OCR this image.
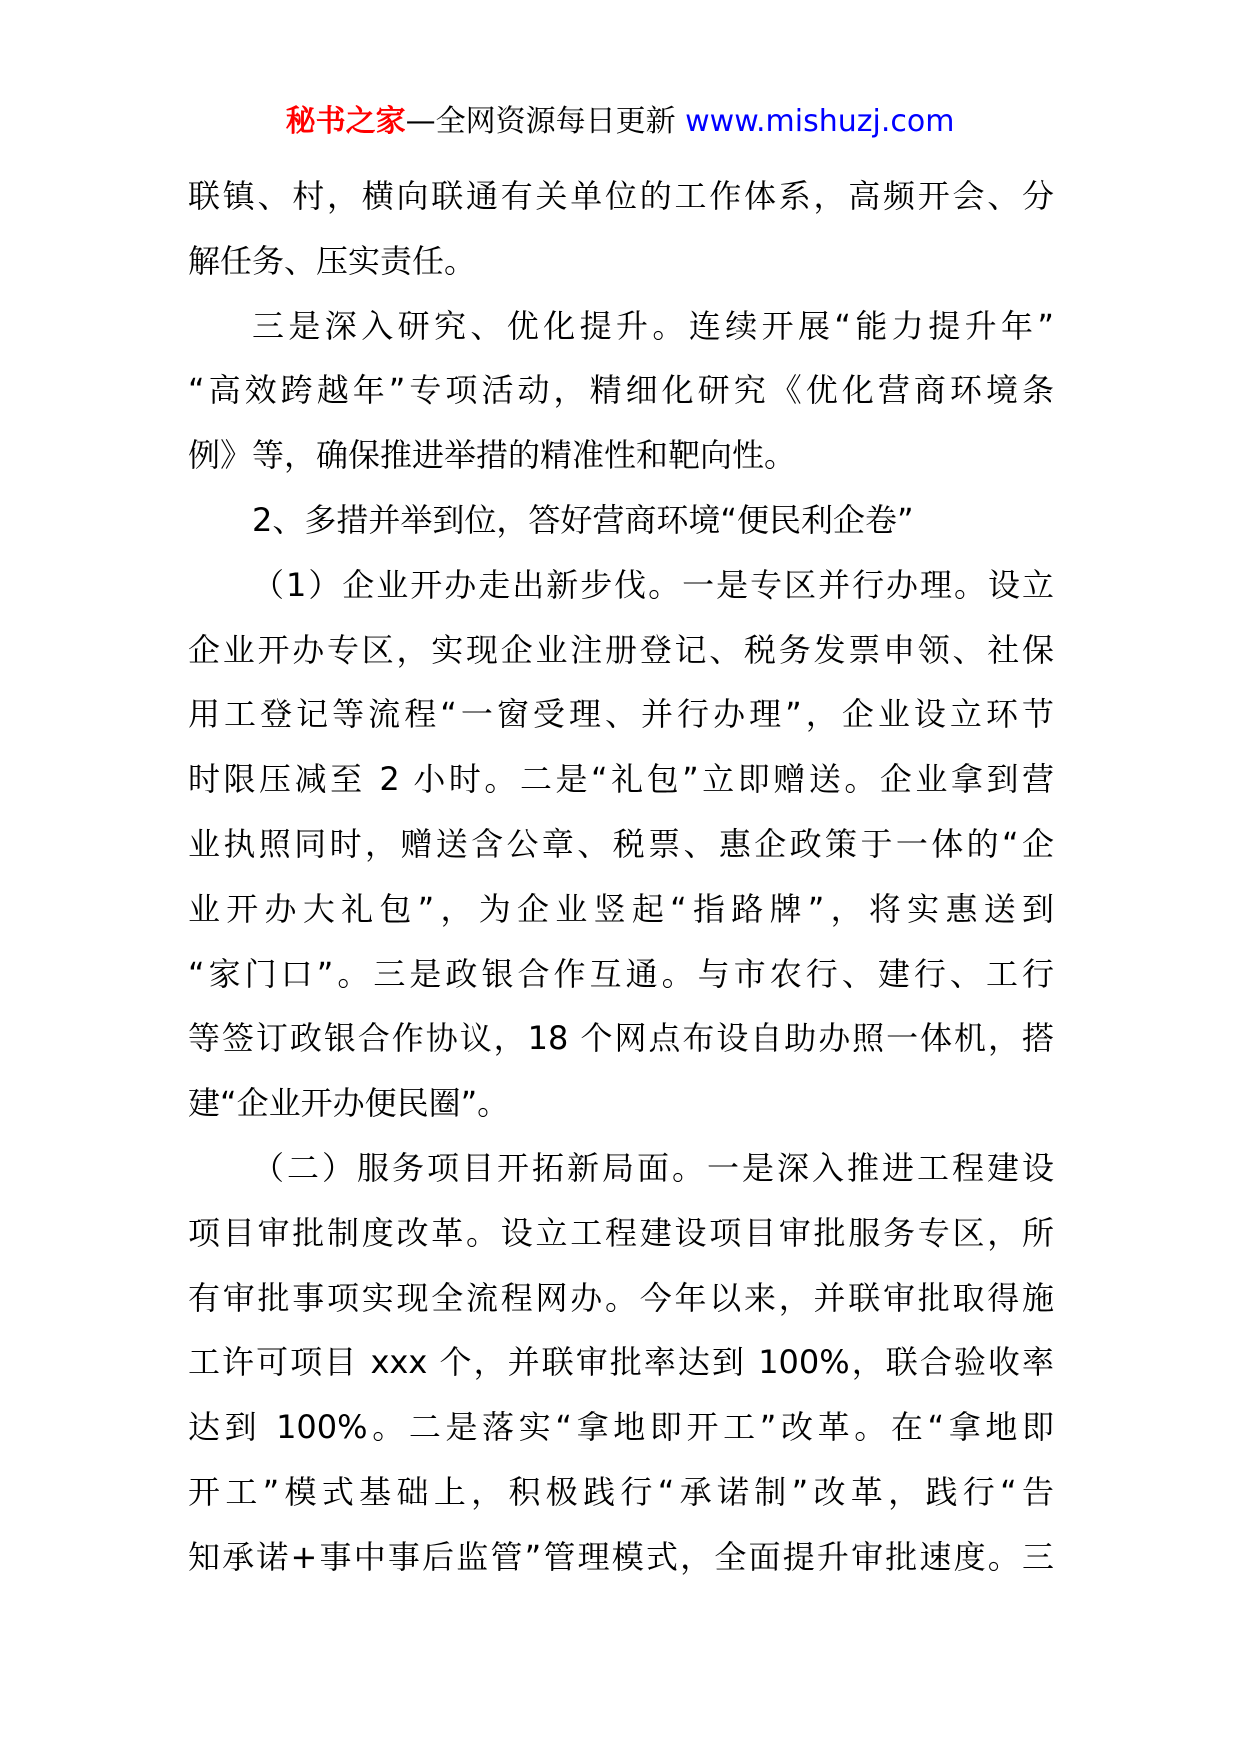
秘书之家—全网资源每日更新 www.mishuzj.com
联镇、村，横向联通有关单位的工作体系，高频开会、分
解任务、压实责任。
三是深入研究、优化提升。连续开展“能力提升年”
“高效跨越年”专项活动，精细化研究《优化营商环境条
例》等，确保推进举措的精准性和靶向性。
2、多措并举到位，答好营商环境“便民利企卷”
（1）企业开办走出新步伐。一是专区并行办理。设立
企业开办专区，实现企业注册登记、税务发票申领、社保
用工登记等流程“一窗受理、并行办理”，企业设立环节
时限压减至 2 小时。二是“礼包”立即赠送。企业拿到营
业执照同时，赠送含公章、税票、惠企政策于一体的“企
业开办大礼包”，为企业竖起“指路牌”，将实惠送到
“家门口”。三是政银合作互通。与市农行、建行、工行
等签订政银合作协议，18 个网点布设自助办照一体机，搭
建“企业开办便民圈”。
（二）服务项目开拓新局面。一是深入推进工程建设
项目审批制度改革。设立工程建设项目审批服务专区，所
有审批事项实现全流程网办。今年以来，并联审批取得施
工许可项目 xxx 个，并联审批率达到 100%，联合验收率
达到 100%。二是落实“拿地即开工”改革。在“拿地即
开工”模式基础上，积极践行“承诺制”改革，践行“告
知承诺+事中事后监管”管理模式，全面提升审批速度。三
